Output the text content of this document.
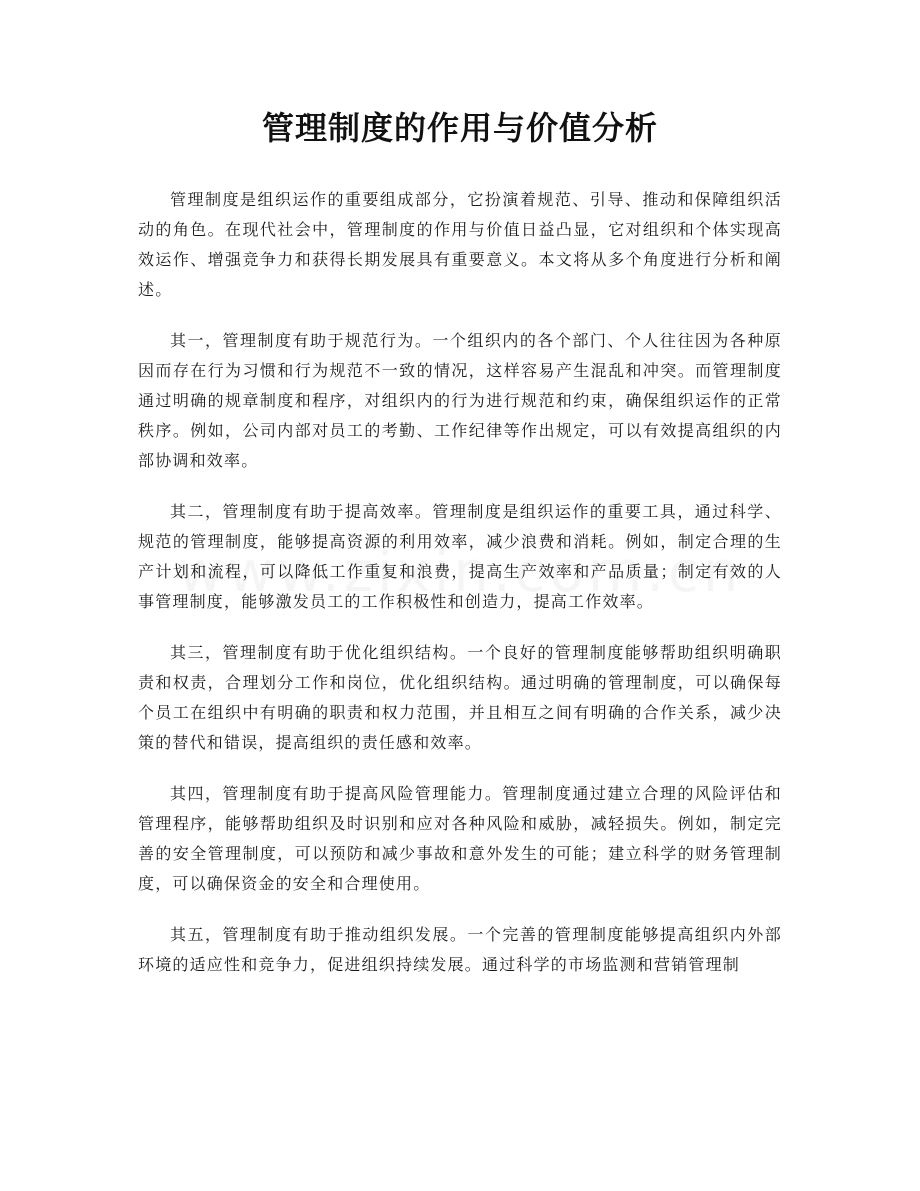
管理制度的作用与价值分析

管理制度是组织运作的重要组成部分，它扮演着规范、引导、推动和保障组织活动的角色。在现代社会中，管理制度的作用与价值日益凸显，它对组织和个体实现高效运作、增强竞争力和获得长期发展具有重要意义。本文将从多个角度进行分析和阐述。

其一，管理制度有助于规范行为。一个组织内的各个部门、个人往往因为各种原因而存在行为习惯和行为规范不一致的情况，这样容易产生混乱和冲突。而管理制度通过明确的规章制度和程序，对组织内的行为进行规范和约束，确保组织运作的正常秩序。例如，公司内部对员工的考勤、工作纪律等作出规定，可以有效提高组织的内部协调和效率。

其二，管理制度有助于提高效率。管理制度是组织运作的重要工具，通过科学、规范的管理制度，能够提高资源的利用效率，减少浪费和消耗。例如，制定合理的生产计划和流程，可以降低工作重复和浪费，提高生产效率和产品质量；制定有效的人事管理制度，能够激发员工的工作积极性和创造力，提高工作效率。

其三，管理制度有助于优化组织结构。一个良好的管理制度能够帮助组织明确职责和权责，合理划分工作和岗位，优化组织结构。通过明确的管理制度，可以确保每个员工在组织中有明确的职责和权力范围，并且相互之间有明确的合作关系，减少决策的替代和错误，提高组织的责任感和效率。

其四，管理制度有助于提高风险管理能力。管理制度通过建立合理的风险评估和管理程序，能够帮助组织及时识别和应对各种风险和威胁，减轻损失。例如，制定完善的安全管理制度，可以预防和减少事故和意外发生的可能；建立科学的财务管理制度，可以确保资金的安全和合理使用。

其五，管理制度有助于推动组织发展。一个完善的管理制度能够提高组织内外部环境的适应性和竞争力，促进组织持续发展。通过科学的市场监测和营销管理制
